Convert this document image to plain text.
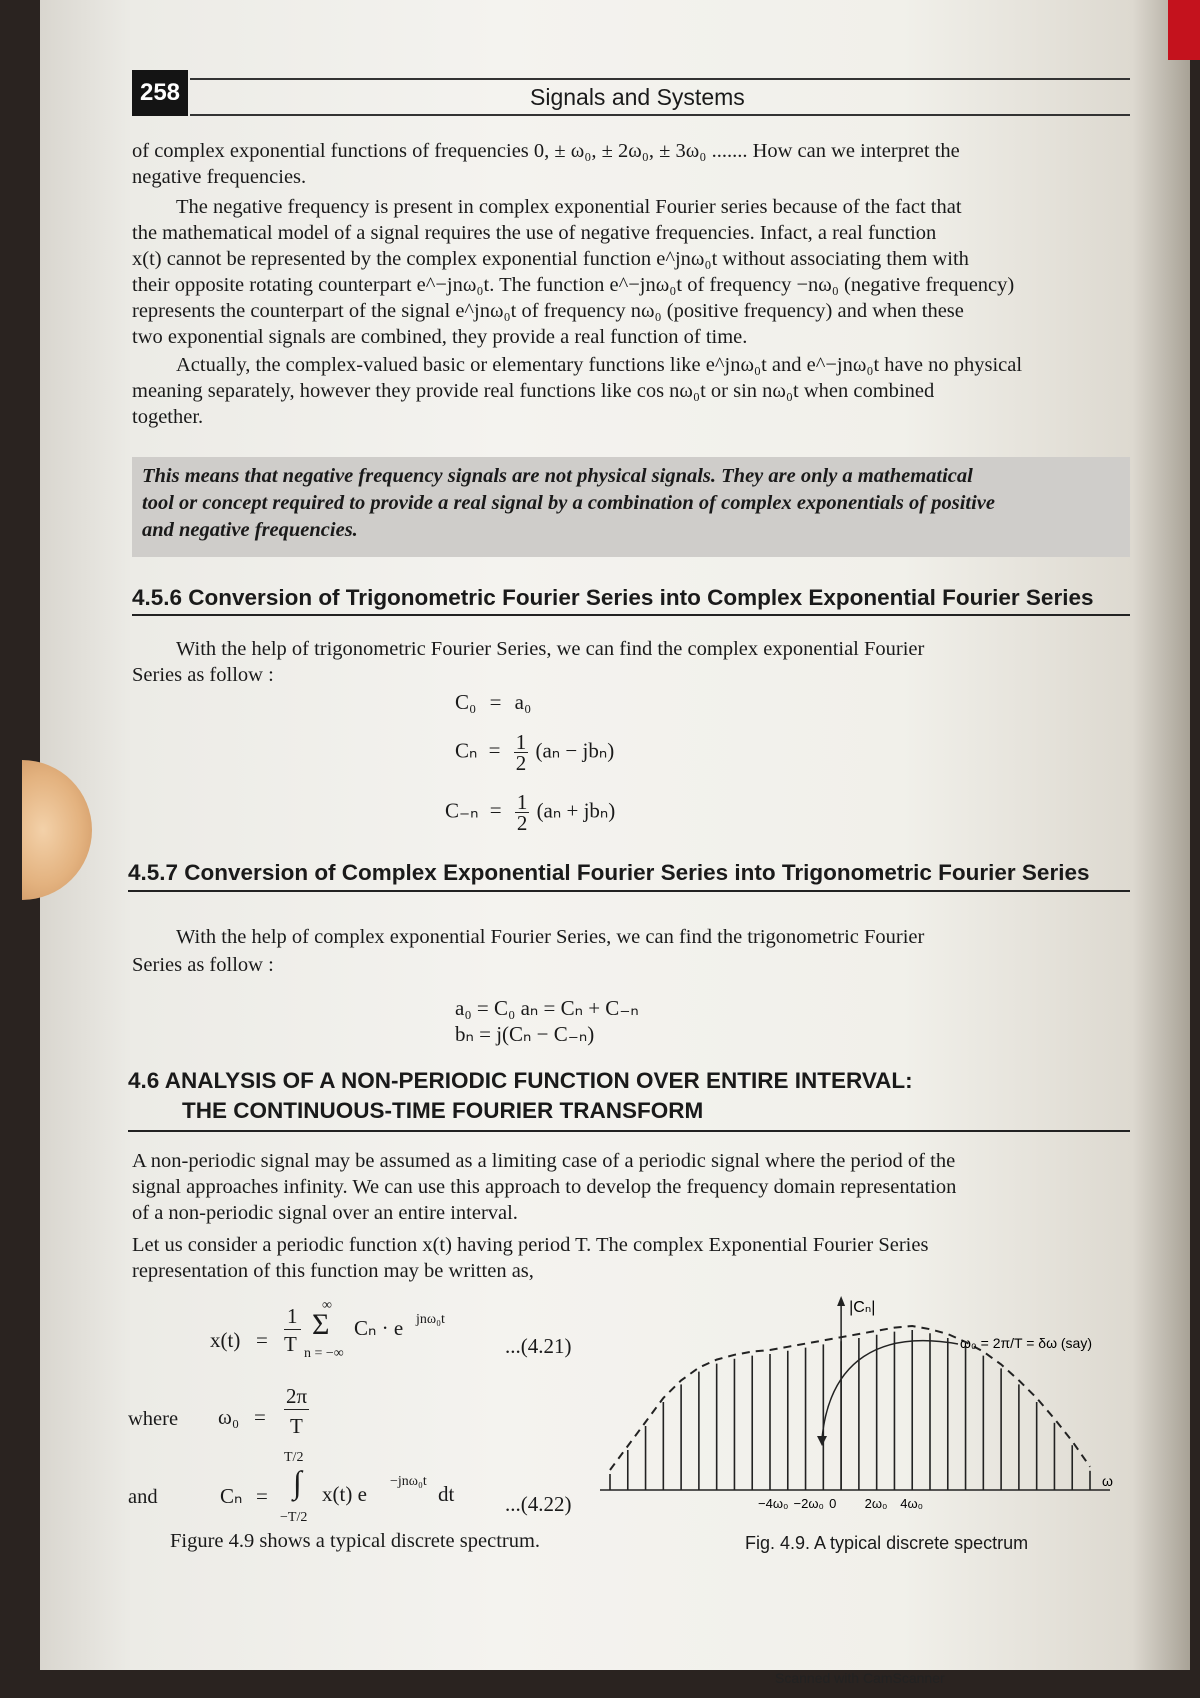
258	Signals and Systems
of complex exponential functions of frequencies 0, ± ω₀, ± 2ω₀, ± 3ω₀ ....... How can we interpret the
negative frequencies.
The negative frequency is present in complex exponential Fourier series because of the fact that
the mathematical model of a signal requires the use of negative frequencies. Infact, a real function
x(t) cannot be represented by the complex exponential function e^jnω₀t without associating them with
their opposite rotating counterpart e^−jnω₀t. The function e^−jnω₀t of frequency −nω₀ (negative frequency)
represents the counterpart of the signal e^jnω₀t of frequency nω₀ (positive frequency) and when these
two exponential signals are combined, they provide a real function of time.
Actually, the complex-valued basic or elementary functions like e^jnω₀t and e^−jnω₀t have no physical
meaning separately, however they provide real functions like cos nω₀t or sin nω₀t when combined
together.
This means that negative frequency signals are not physical signals. They are only a mathematical
tool or concept required to provide a real signal by a combination of complex exponentials of positive
and negative frequencies.
4.5.6 Conversion of Trigonometric Fourier Series into Complex Exponential Fourier Series
With the help of trigonometric Fourier Series, we can find the complex exponential Fourier
Series as follow :
C₀ = a₀
$C_n = \frac{1}{2} (a_n - jb_n)$
$C_{-n} = \frac{1}{2} (a_n + jb_n)$
4.5.7 Conversion of Complex Exponential Fourier Series into Trigonometric Fourier Series
With the help of complex exponential Fourier Series, we can find the trigonometric Fourier
Series as follow :
a₀ = C₀ aₙ = Cₙ + C₋ₙ
bₙ = j(Cₙ − C₋ₙ)
4.6 ANALYSIS OF A NON-PERIODIC FUNCTION OVER ENTIRE INTERVAL:
THE CONTINUOUS-TIME FOURIER TRANSFORM
A non-periodic signal may be assumed as a limiting case of a periodic signal where the period of the
signal approaches infinity. We can use this approach to develop the frequency domain representation
of a non-periodic signal over an entire interval.
Let us consider a periodic function x(t) having period T. The complex Exponential Fourier Series
representation of this function may be written as,
x(t) =
1
T
∞
Σ
n = −∞
Cₙ · e jnω₀t
...(4.21)
where ω₀ =
2π
T
and	Cₙ =
T/2
∫
−T/2
x(t) e
−jnω₀t
dt ...(4.22)
Figure 4.9 shows a typical discrete spectrum.
|Cₙ|
ω₀ = 2π/T = δω (say)
ω
−4ω₀ −2ω₀ 0 2ω₀ 4ω₀
Fig. 4.9. A typical discrete spectrum
Scanned with CamScanner
